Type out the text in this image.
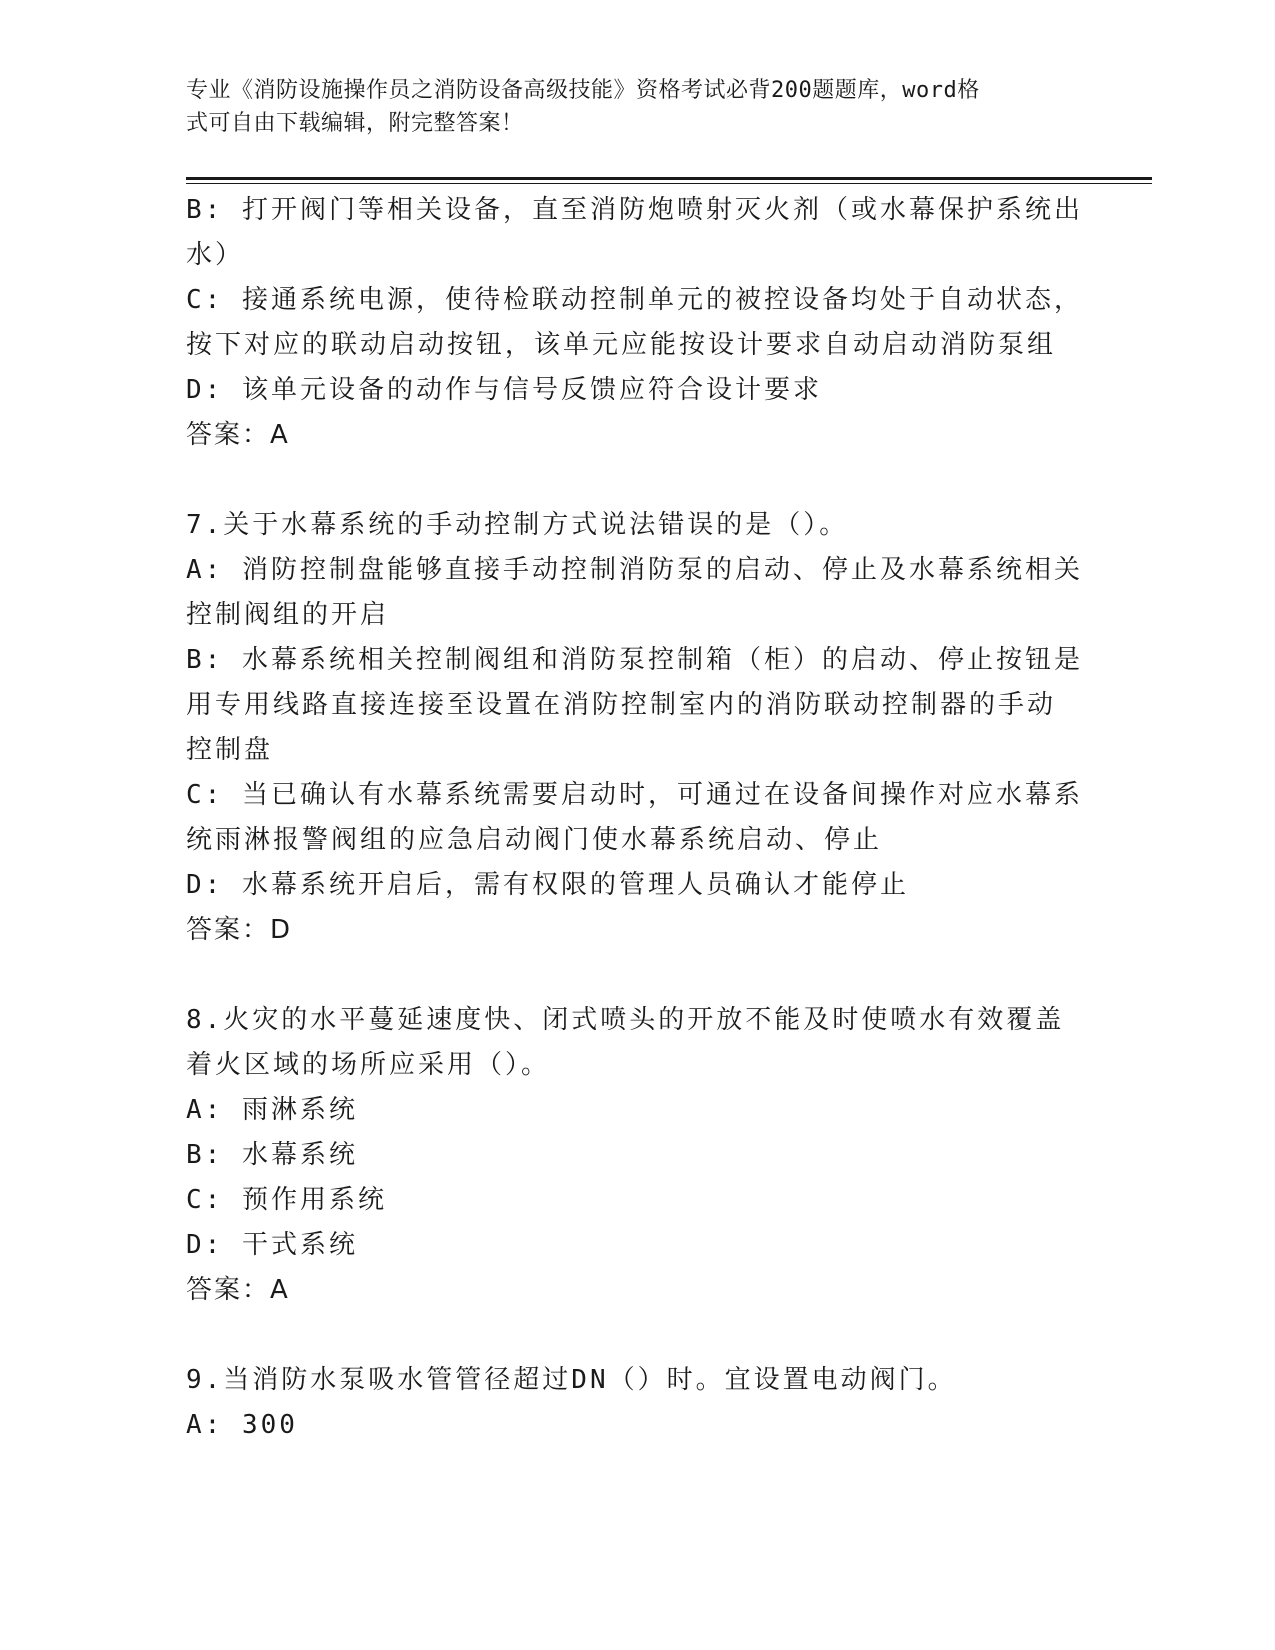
专业《消防设施操作员之消防设备高级技能》资格考试必背200题题库，word格
式可自由下载编辑，附完整答案！
B: 打开阀门等相关设备，直至消防炮喷射灭火剂（或水幕保护系统出
水）
C: 接通系统电源，使待检联动控制单元的被控设备均处于自动状态，
按下对应的联动启动按钮，该单元应能按设计要求自动启动消防泵组
D: 该单元设备的动作与信号反馈应符合设计要求
答案：A
7.关于水幕系统的手动控制方式说法错误的是（）。
A: 消防控制盘能够直接手动控制消防泵的启动、停止及水幕系统相关
控制阀组的开启
B: 水幕系统相关控制阀组和消防泵控制箱（柜）的启动、停止按钮是
用专用线路直接连接至设置在消防控制室内的消防联动控制器的手动
控制盘
C: 当已确认有水幕系统需要启动时，可通过在设备间操作对应水幕系
统雨淋报警阀组的应急启动阀门使水幕系统启动、停止
D: 水幕系统开启后，需有权限的管理人员确认才能停止
答案：D
8.火灾的水平蔓延速度快、闭式喷头的开放不能及时使喷水有效覆盖
着火区域的场所应采用（）。
A: 雨淋系统
B: 水幕系统
C: 预作用系统
D: 干式系统
答案：A
9.当消防水泵吸水管管径超过DN（）时。宜设置电动阀门。
A: 300
